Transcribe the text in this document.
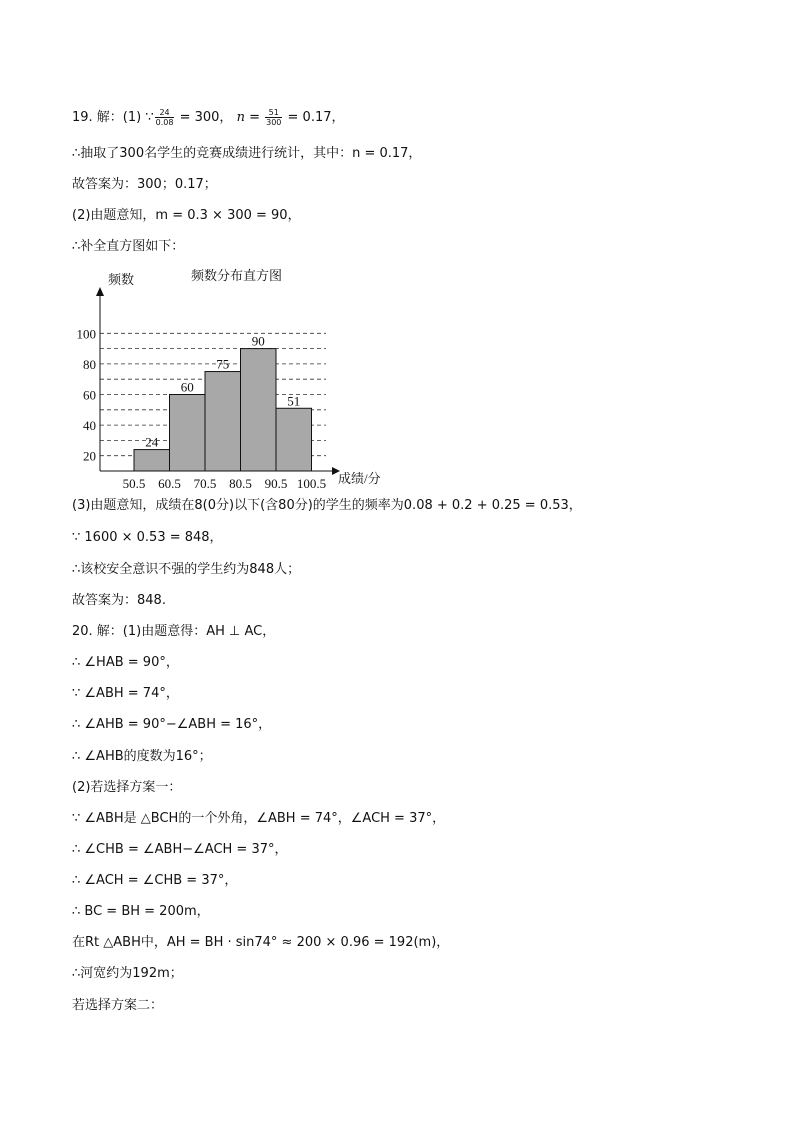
19. 解：(1) ∵ $\frac{24}{0.08} = 300$， $n = \frac{51}{300} = 0.17$，
∴抽取了300名学生的竞赛成绩进行统计，其中：n = 0.17，
故答案为：300；0.17；
(2)由题意知，m = 0.3 × 300 = 90，
∴补全直方图如下：
20
40
60
80
100
50.5 60.5 70.5 80.5 90.5 100.5
24
60
75
90
51
频数	频数分布直方图
成绩/分
(3)由题意知，成绩在8(0分)以下(含80分)的学生的频率为0.08 + 0.2 + 0.25 = 0.53，
∵ 1600 × 0.53 = 848，
∴该校安全意识不强的学生约为848人；
故答案为：848.
20. 解：(1)由题意得：AH ⊥ AC，
∴ ∠HAB = 90°，
∵ ∠ABH = 74°，
∴ ∠AHB = 90°−∠ABH = 16°，
∴ ∠AHB的度数为16°；
(2)若选择方案一：
∵ ∠ABH是 △BCH的一个外角，∠ABH = 74°，∠ACH = 37°，
∴ ∠CHB = ∠ABH−∠ACH = 37°，
∴ ∠ACH = ∠CHB = 37°，
∴ BC = BH = 200m，
在Rt △ABH中，AH = BH · sin74° ≈ 200 × 0.96 = 192(m)，
∴河宽约为192m；
若选择方案二：
